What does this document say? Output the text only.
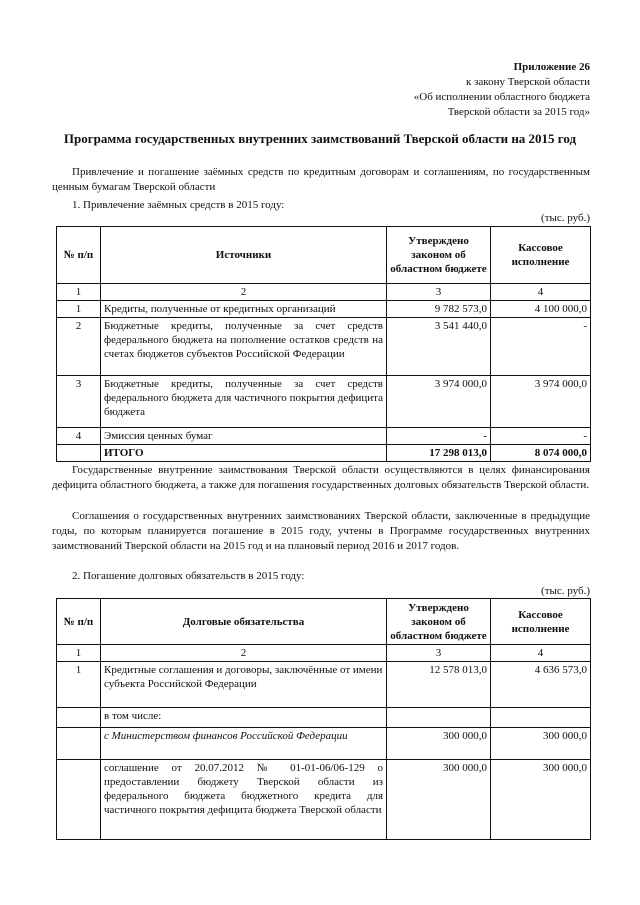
Приложение 26
к закону Тверской области
«Об исполнении областного бюджета
Тверской области за 2015 год»
Программа государственных внутренних заимствований Тверской области на 2015 год
Привлечение и погашение заёмных средств по кредитным договорам и соглашениям, по государственным ценным бумагам Тверской области
1. Привлечение заёмных средств в 2015 году:
(тыс. руб.)
№ п/п	Источники	Утверждено законом об областном бюджете	Кассовое исполнение
1	2	3	4
1	Кредиты, полученные от кредитных организаций	9 782 573,0	4 100 000,0
2	Бюджетные кредиты, полученные за счет средств федерального бюджета на пополнение остатков средств на счетах бюджетов субъектов Российской Федерации	3 541 440,0	-
3	Бюджетные кредиты, полученные за счет средств федерального бюджета для частичного покрытия дефицита бюджета	3 974 000,0	3 974 000,0
4	Эмиссия ценных бумаг	-	-
	ИТОГО	17 298 013,0	8 074 000,0
Государственные внутренние заимствования Тверской области осуществляются в целях финансирования дефицита областного бюджета, а также для погашения государственных долговых обязательств Тверской области.
Соглашения о государственных внутренних заимствованиях Тверской области, заключенные в предыдущие годы, по которым планируется погашение в 2015 году, учтены в Программе государственных внутренних заимствований Тверской области на 2015 год и на плановый период 2016 и 2017 годов.
2. Погашение долговых обязательств в 2015 году:
(тыс. руб.)
№ п/п	Долговые обязательства	Утверждено законом об областном бюджете	Кассовое исполнение
1	2	3	4
1	Кредитные соглашения и договоры, заключённые от имени субъекта Российской Федерации	12 578 013,0	4 636 573,0
	в том числе:		
	с Министерством финансов Российской Федерации	300 000,0	300 000,0
	соглашение от 20.07.2012 № 01-01-06/06-129 о предоставлении бюджету Тверской области из федерального бюджета бюджетного кредита для частичного покрытия дефицита бюджета Тверской области	300 000,0	300 000,0
